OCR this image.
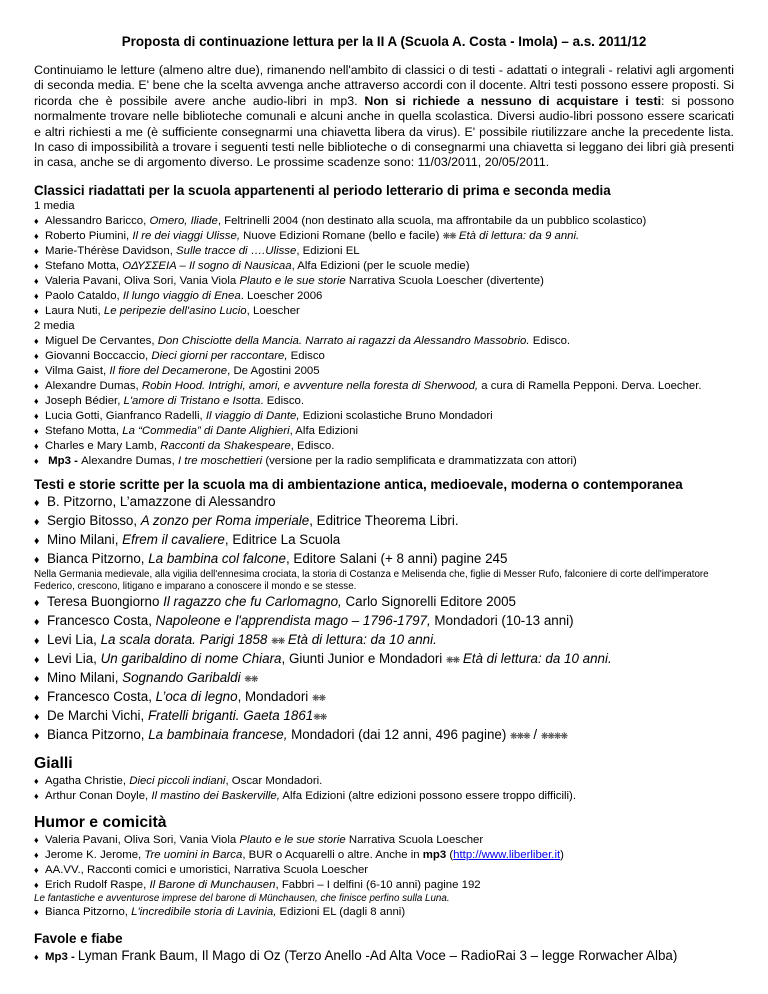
Proposta di continuazione lettura per la II A (Scuola A. Costa - Imola) – a.s. 2011/12

Continuiamo le letture (almeno altre due), rimanendo nell'ambito di classici o di testi - adattati o integrali - relativi agli argomenti di seconda media. E' bene che la scelta avvenga anche attraverso accordi con il docente. Altri testi possono essere proposti. Si ricorda che è possibile avere anche audio-libri in mp3. Non si richiede a nessuno di acquistare i testi: si possono normalmente trovare nelle biblioteche comunali e alcuni anche in quella scolastica. Diversi audio-libri possono essere scaricati e altri richiesti a me (è sufficiente consegnarmi una chiavetta libera da virus). E' possibile riutilizzare anche la precedente lista. In caso di impossibilità a trovare i seguenti testi nelle biblioteche o di consegnarmi una chiavetta si leggano dei libri già presenti in casa, anche se di argomento diverso. Le prossime scadenze sono: 11/03/2011, 20/05/2011.

Classici riadattati per la scuola appartenenti al periodo letterario di prima e seconda media

1 media

♦ Alessandro Baricco, Omero, Iliade, Feltrinelli 2004 (non destinato alla scuola, ma affrontabile da un pubblico scolastico)

♦ Roberto Piumini, Il re dei viaggi Ulisse, Nuove Edizioni Romane (bello e facile) ❋❋ Età di lettura: da 9 anni.

♦ Marie-Thérèse Davidson, Sulle tracce di ….Ulisse, Edizioni EL

♦ Stefano Motta, ΟΔΥΣΣΕΙΑ – Il sogno di Nausicaa, Alfa Edizioni (per le scuole medie)

♦ Valeria Pavani, Oliva Sori, Vania Viola Plauto e le sue storie Narrativa Scuola Loescher (divertente)

♦ Paolo Cataldo, Il lungo viaggio di Enea. Loescher 2006

♦ Laura Nuti, Le peripezie dell'asino Lucio, Loescher

2 media

♦ Miguel De Cervantes, Don Chisciotte della Mancia. Narrato ai ragazzi da Alessandro Massobrio. Edisco.

♦ Giovanni Boccaccio, Dieci giorni per raccontare, Edisco

♦ Vilma Gaist, Il fiore del Decamerone, De Agostini 2005

♦ Alexandre Dumas, Robin Hood. Intrighi, amori, e avventure nella foresta di Sherwood, a cura di Ramella Pepponi. Derva. Loecher.

♦ Joseph Bédier, L'amore di Tristano e Isotta. Edisco.

♦ Lucia Gotti, Gianfranco Radelli, Il viaggio di Dante, Edizioni scolastiche Bruno Mondadori

♦ Stefano Motta, La “Commedia” di Dante Alighieri, Alfa Edizioni

♦ Charles e Mary Lamb, Racconti da Shakespeare, Edisco.

♦ Mp3 - Alexandre Dumas, I tre moschettieri (versione per la radio semplificata e drammatizzata con attori)

Testi e storie scritte per la scuola ma di ambientazione antica, medioevale, moderna o contemporanea

♦ B. Pitzorno, L’amazzone di Alessandro

♦ Sergio Bitosso, A zonzo per Roma imperiale, Editrice Theorema Libri.

♦ Mino Milani, Efrem il cavaliere, Editrice La Scuola

♦ Bianca Pitzorno, La bambina col falcone, Editore Salani (+ 8 anni) pagine 245

Nella Germania medievale, alla vigilia dell'ennesima crociata, la storia di Costanza e Melisenda che, figlie di Messer Rufo, falconiere di corte dell'imperatore Federico, crescono, litigano e imparano a conoscere il mondo e se stesse.

♦ Teresa Buongiorno Il ragazzo che fu Carlomagno, Carlo Signorelli Editore 2005

♦ Francesco Costa, Napoleone e l'apprendista mago – 1796-1797, Mondadori (10-13 anni)

♦ Levi Lia, La scala dorata. Parigi 1858 ❋❋ Età di lettura: da 10 anni.

♦ Levi Lia, Un garibaldino di nome Chiara, Giunti Junior e Mondadori ❋❋ Età di lettura: da 10 anni.

♦ Mino Milani, Sognando Garibaldi ❋❋

♦ Francesco Costa, L’oca di legno, Mondadori ❋❋

♦ De Marchi Vichi, Fratelli briganti. Gaeta 1861❋❋

♦ Bianca Pitzorno, La bambinaia francese, Mondadori (dai 12 anni, 496 pagine) ❋❋❋ / ❋❋❋❋

Gialli

♦ Agatha Christie, Dieci piccoli indiani, Oscar Mondadori.

♦ Arthur Conan Doyle, Il mastino dei Baskerville, Alfa Edizioni (altre edizioni possono essere troppo difficili).

Humor e comicità

♦ Valeria Pavani, Oliva Sori, Vania Viola Plauto e le sue storie Narrativa Scuola Loescher

♦ Jerome K. Jerome, Tre uomini in Barca, BUR o Acquarelli o altre. Anche in mp3 (http://www.liberliber.it)

♦ AA.VV., Racconti comici e umoristici, Narrativa Scuola Loescher

♦ Erich Rudolf Raspe, Il Barone di Munchausen, Fabbri – I delfini (6-10 anni) pagine 192

Le fantastiche e avventurose imprese del barone di Münchausen, che finisce perfino sulla Luna.

♦ Bianca Pitzorno, L'incredibile storia di Lavinia, Edizioni EL (dagli 8 anni)

Favole e fiabe

♦ Mp3 - Lyman Frank Baum, Il Mago di Oz (Terzo Anello -Ad Alta Voce – RadioRai 3 – legge Rorwacher Alba)
